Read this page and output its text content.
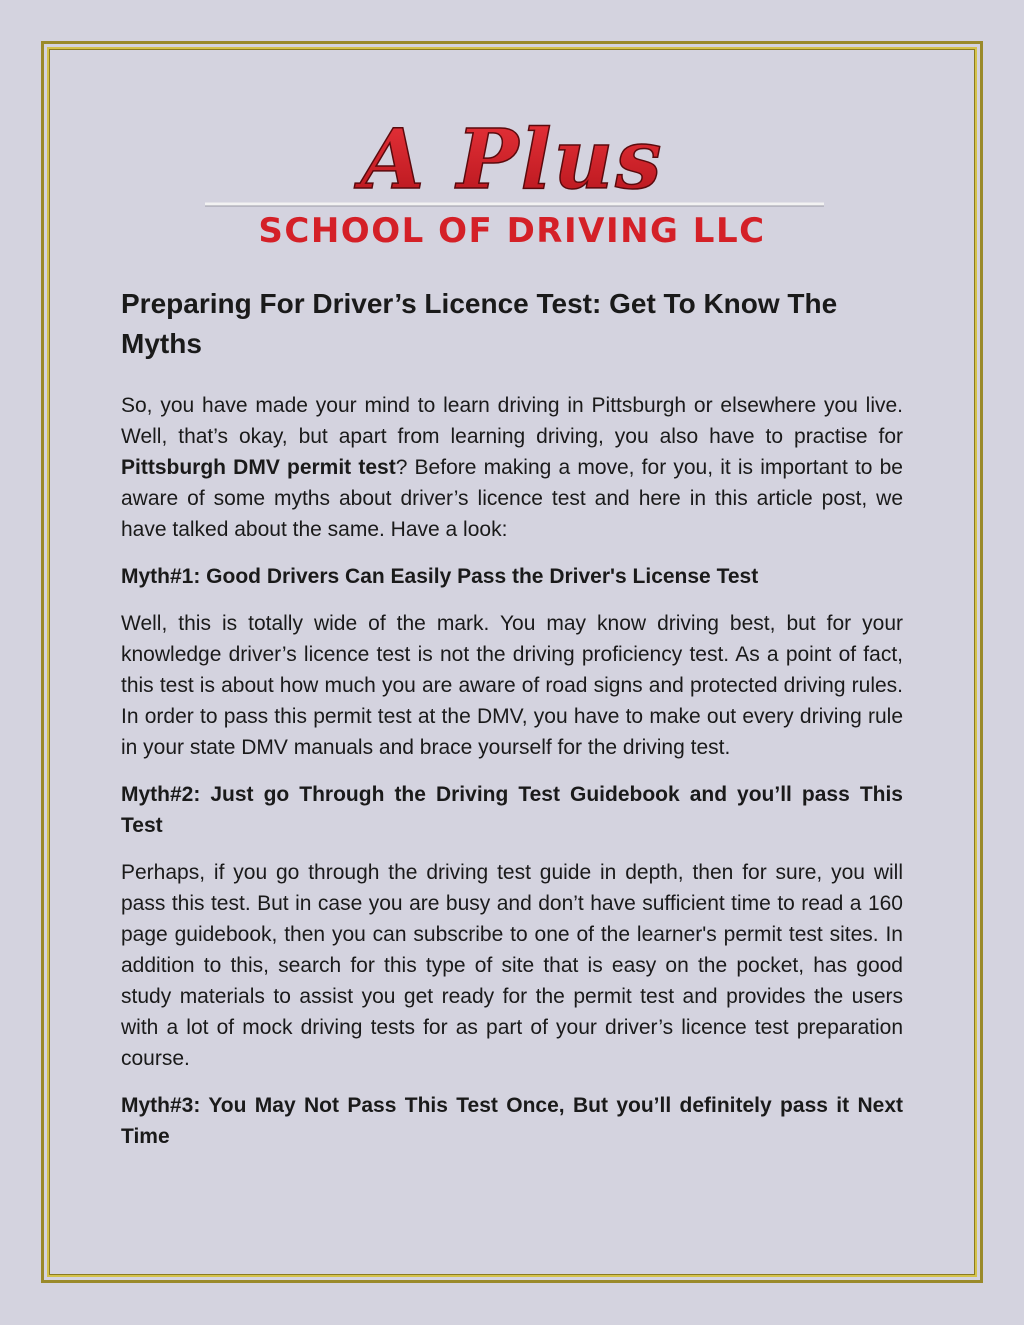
A Plus
SCHOOL OF DRIVING LLC
Preparing For Driver’s Licence Test: Get To Know The Myths

So, you have made your mind to learn driving in Pittsburgh or elsewhere you live. Well, that’s okay, but apart from learning driving, you also have to practise for Pittsburgh DMV permit test? Before making a move, for you, it is important to be aware of some myths about driver’s licence test and here in this article post, we have talked about the same. Have a look:

Myth#1: Good Drivers Can Easily Pass the Driver's License Test

Well, this is totally wide of the mark. You may know driving best, but for your knowledge driver’s licence test is not the driving proficiency test. As a point of fact, this test is about how much you are aware of road signs and protected driving rules. In order to pass this permit test at the DMV, you have to make out every driving rule in your state DMV manuals and brace yourself for the driving test.

Myth#2: Just go Through the Driving Test Guidebook and you’ll pass This Test

Perhaps, if you go through the driving test guide in depth, then for sure, you will pass this test. But in case you are busy and don’t have sufficient time to read a 160 page guidebook, then you can subscribe to one of the learner's permit test sites. In addition to this, search for this type of site that is easy on the pocket, has good study materials to assist you get ready for the permit test and provides the users with a lot of mock driving tests for as part of your driver’s licence test preparation course.

Myth#3: You May Not Pass This Test Once, But you’ll definitely pass it Next Time
